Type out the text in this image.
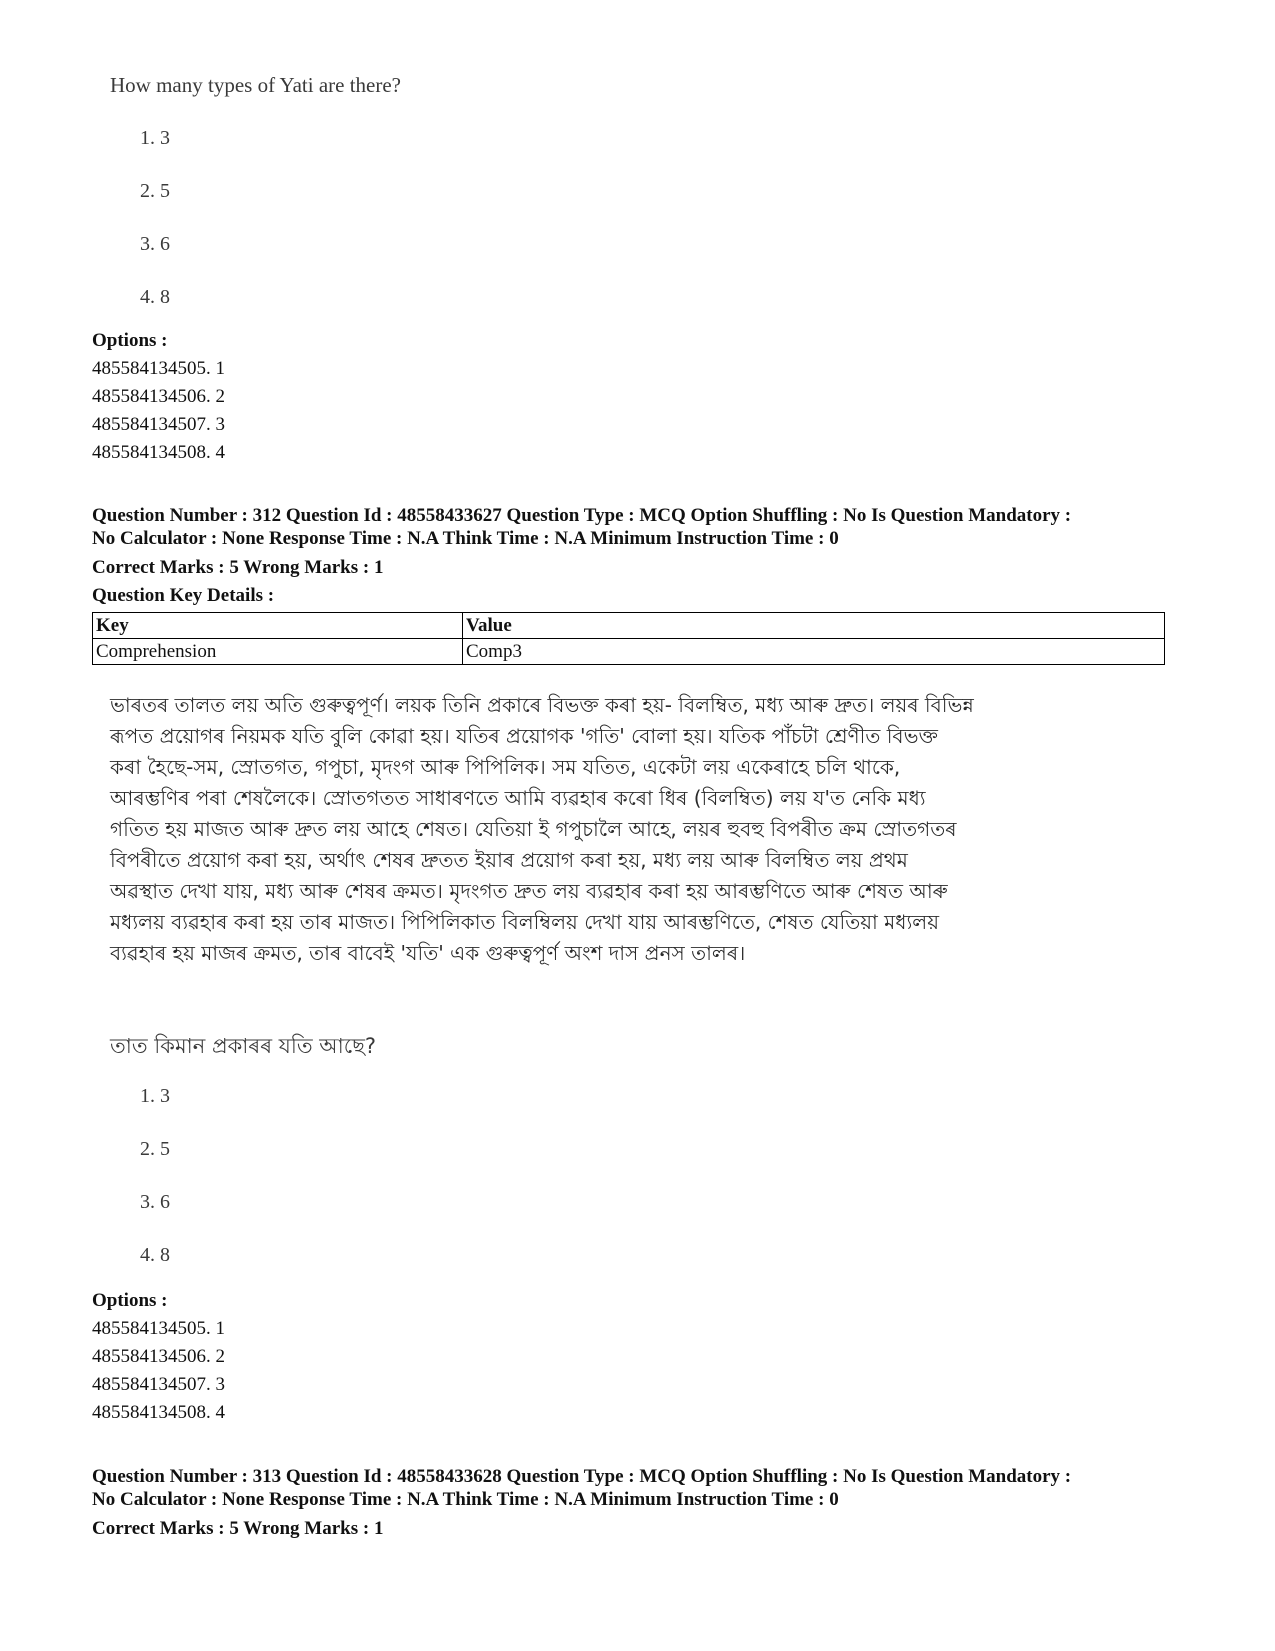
How many types of Yati are there?
1. 3
2. 5
3. 6
4. 8
Options :
485584134505. 1
485584134506. 2
485584134507. 3
485584134508. 4
Question Number : 312 Question Id : 48558433627 Question Type : MCQ Option Shuffling : No Is Question Mandatory :
No Calculator : None Response Time : N.A Think Time : N.A Minimum Instruction Time : 0
Correct Marks : 5 Wrong Marks : 1
Question Key Details :
Key	Value
Comprehension	Comp3
ভাৰতৰ তালত লয় অতি গুৰুত্বপূৰ্ণ। লয়ক তিনি প্ৰকাৰে বিভক্ত কৰা হয়- বিলম্বিত, মধ্য আৰু দ্ৰুত। লয়ৰ বিভিন্ন
ৰূপত প্ৰয়োগৰ নিয়মক যতি বুলি কোৱা হয়। যতিৰ প্ৰয়োগক 'গতি' বোলা হয়। যতিক পাঁচটা শ্ৰেণীত বিভক্ত
কৰা হৈছে-সম, স্ৰোতগত, গপুচা, মৃদংগ আৰু পিপিলিক। সম যতিত, একেটা লয় একেৰাহে চলি থাকে,
আৰম্ভণিৰ পৰা শেষলৈকে। স্ৰোতগতত সাধাৰণতে আমি ব্যৱহাৰ কৰো ধিৰ (বিলম্বিত) লয় য'ত নেকি মধ্য
গতিত হয় মাজত আৰু দ্ৰুত লয় আহে শেষত। যেতিয়া ই গপুচালৈ আহে, লয়ৰ হুবহু বিপৰীত ক্ৰম স্ৰোতগতৰ
বিপৰীতে প্ৰয়োগ কৰা হয়, অৰ্থাৎ শেষৰ দ্ৰুতত ইয়াৰ প্ৰয়োগ কৰা হয়, মধ্য লয় আৰু বিলম্বিত লয় প্ৰথম
অৱস্থাত দেখা যায়, মধ্য আৰু শেষৰ ক্ৰমত। মৃদংগত দ্ৰুত লয় ব্যৱহাৰ কৰা হয় আৰম্ভণিতে আৰু শেষত আৰু
মধ্যলয় ব্যৱহাৰ কৰা হয় তাৰ মাজত। পিপিলিকাত বিলম্বিলয় দেখা যায় আৰম্ভণিতে, শেষত যেতিয়া মধ্যলয়
ব্যৱহাৰ হয় মাজৰ ক্ৰমত, তাৰ বাবেই 'যতি' এক গুৰুত্বপূৰ্ণ অংশ দাস প্ৰনস তালৰ।
তাত কিমান প্ৰকাৰৰ যতি আছে?
1. 3
2. 5
3. 6
4. 8
Options :
485584134505. 1
485584134506. 2
485584134507. 3
485584134508. 4
Question Number : 313 Question Id : 48558433628 Question Type : MCQ Option Shuffling : No Is Question Mandatory :
No Calculator : None Response Time : N.A Think Time : N.A Minimum Instruction Time : 0
Correct Marks : 5 Wrong Marks : 1
